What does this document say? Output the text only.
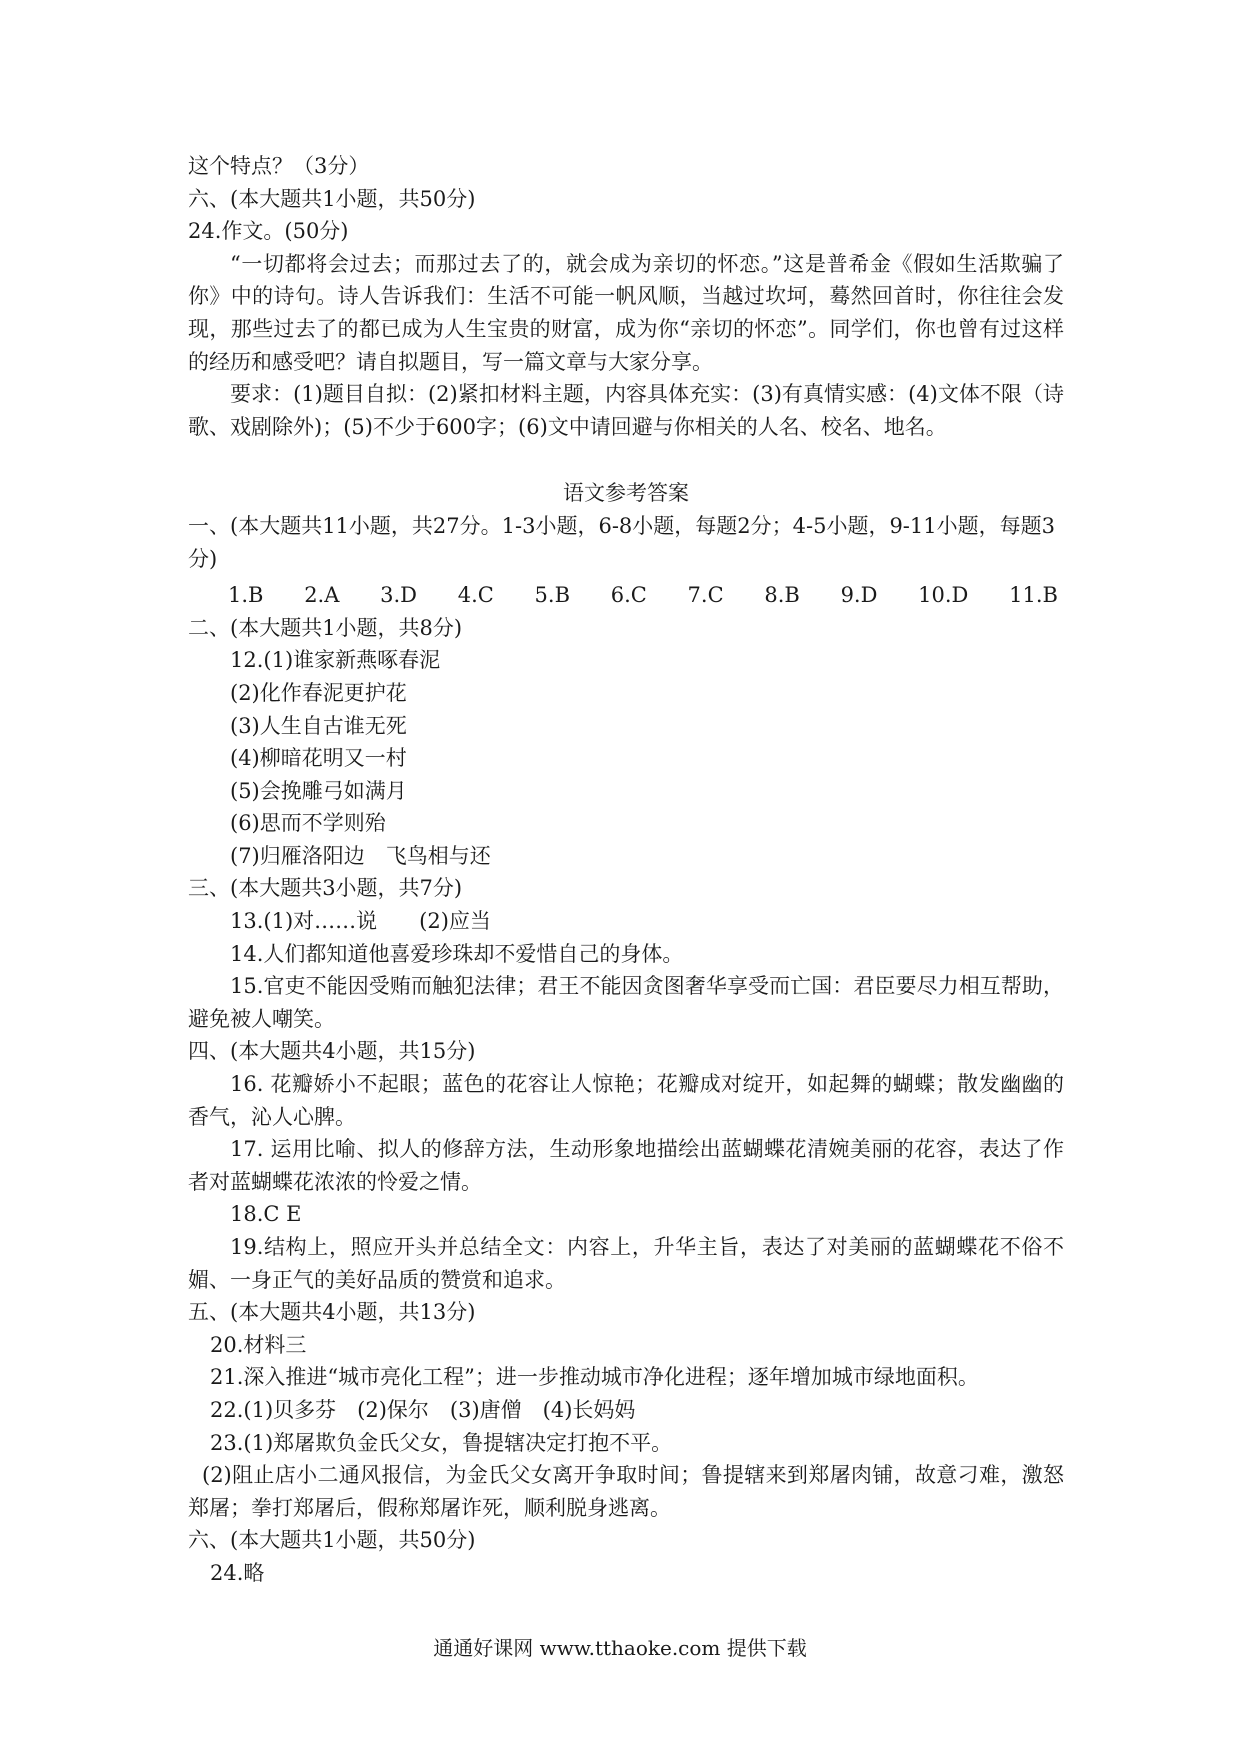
这个特点？（3分）
六、(本大题共1小题，共50分)
24.作文。(50分)
“一切都将会过去；而那过去了的，就会成为亲切的怀恋。”这是普希金《假如生活欺骗了你》中的诗句。诗人告诉我们：生活不可能一帆风顺，当越过坎坷，蓦然回首时，你往往会发现，那些过去了的都已成为人生宝贵的财富，成为你“亲切的怀恋”。同学们，你也曾有过这样的经历和感受吧？请自拟题目，写一篇文章与大家分享。
要求：(1)题目自拟：(2)紧扣材料主题，内容具体充实：(3)有真情实感：(4)文体不限（诗歌、戏剧除外)；(5)不少于600字；(6)文中请回避与你相关的人名、校名、地名。
语文参考答案
一、(本大题共11小题，共27分。1-3小题，6-8小题，每题2分；4-5小题，9-11小题，每题3分)
1.B 2.A 3.D 4.C 5.B 6.C 7.C 8.B 9.D 10.D 11.B
二、(本大题共1小题，共8分)
12.(1)谁家新燕啄春泥
(2)化作春泥更护花
(3)人生自古谁无死
(4)柳暗花明又一村
(5)会挽雕弓如满月
(6)思而不学则殆
(7)归雁洛阳边　飞鸟相与还
三、(本大题共3小题，共7分)
13.(1)对……说　　(2)应当
14.人们都知道他喜爱珍珠却不爱惜自己的身体。
15.官吏不能因受贿而触犯法律；君王不能因贪图奢华享受而亡国：君臣要尽力相互帮助，避免被人嘲笑。
四、(本大题共4小题，共15分)
16. 花瓣娇小不起眼；蓝色的花容让人惊艳；花瓣成对绽开，如起舞的蝴蝶；散发幽幽的香气，沁人心脾。
17. 运用比喻、拟人的修辞方法，生动形象地描绘出蓝蝴蝶花清婉美丽的花容，表达了作者对蓝蝴蝶花浓浓的怜爱之情。
18.C E
19.结构上，照应开头并总结全文：内容上，升华主旨，表达了对美丽的蓝蝴蝶花不俗不媚、一身正气的美好品质的赞赏和追求。
五、(本大题共4小题，共13分)
20.材料三
21.深入推进“城市亮化工程”；进一步推动城市净化进程；逐年增加城市绿地面积。
22.(1)贝多芬　(2)保尔　(3)唐僧　(4)长妈妈
23.(1)郑屠欺负金氏父女，鲁提辖决定打抱不平。
(2)阻止店小二通风报信，为金氏父女离开争取时间；鲁提辖来到郑屠肉铺，故意刁难，激怒郑屠；拳打郑屠后，假称郑屠诈死，顺利脱身逃离。
六、(本大题共1小题，共50分)
24.略
通通好课网 www.tthaoke.com 提供下载
